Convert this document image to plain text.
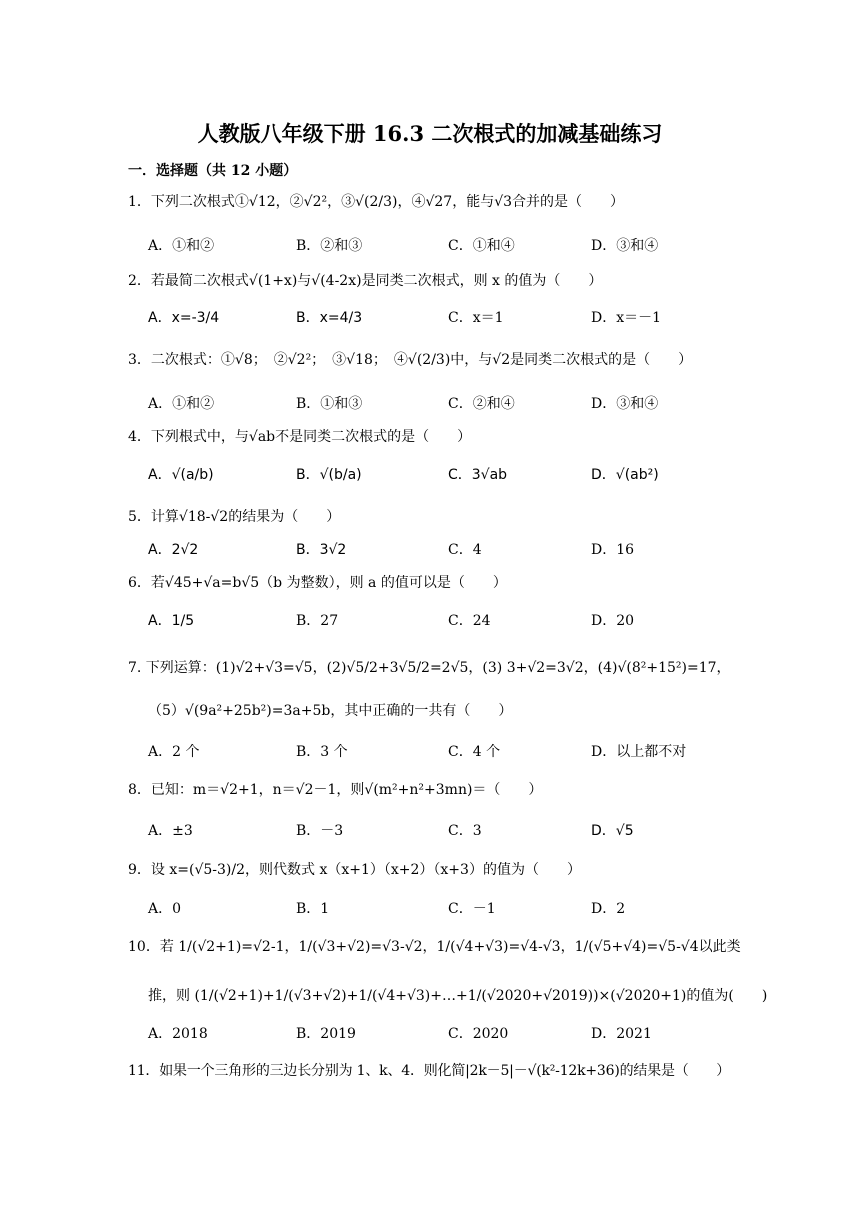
人教版八年级下册 16.3 二次根式的加减基础练习
一．选择题（共 12 小题）
1．下列二次根式①√12，②√2²，③√(2/3)，④√27，能与√3合并的是（　　）
A．①和②	B．②和③	C．①和④	D．③和④
2．若最简二次根式√(1+x)与√(4-2x)是同类二次根式，则 x 的值为（　　）
A．x=-3/4	B．x=4/3	C．x＝1	D．x＝－1
3．二次根式：①√8；　②√2²；　③√18；　④√(2/3)中，与√2是同类二次根式的是（　　）
A．①和②	B．①和③	C．②和④	D．③和④
4．下列根式中，与√ab不是同类二次根式的是（　　）
A．√(a/b)	B．√(b/a)	C．3√ab	D．√(ab²)
5．计算√18-√2的结果为（　　）
A．2√2	B．3√2	C．4	D．16
6．若√45+√a=b√5（b 为整数），则 a 的值可以是（　　）
A．1/5	B．27	C．24	D．20
7. 下列运算：(1)√2+√3=√5，(2)√5/2+3√5/2=2√5，(3) 3+√2=3√2，(4)√(8²+15²)=17，
（5）√(9a²+25b²)=3a+5b，其中正确的一共有（　　）
A．2 个	B．3 个	C．4 个	D．以上都不对
8．已知：m＝√2+1，n＝√2－1，则√(m²+n²+3mn)＝（　　）
A．±3	B．－3	C．3	D．√5
9．设 x=(√5-3)/2，则代数式 x（x+1）（x+2）（x+3）的值为（　　）
A．0	B．1	C．－1	D．2
10．若 1/(√2+1)=√2-1，1/(√3+√2)=√3-√2，1/(√4+√3)=√4-√3，1/(√5+√4)=√5-√4以此类
推，则 (1/(√2+1)+1/(√3+√2)+1/(√4+√3)+…+1/(√2020+√2019))×(√2020+1)的值为(　　)
A．2018	B．2019	C．2020	D．2021
11．如果一个三角形的三边长分别为 1、k、4．则化简|2k－5|－√(k²-12k+36)的结果是（　　）
